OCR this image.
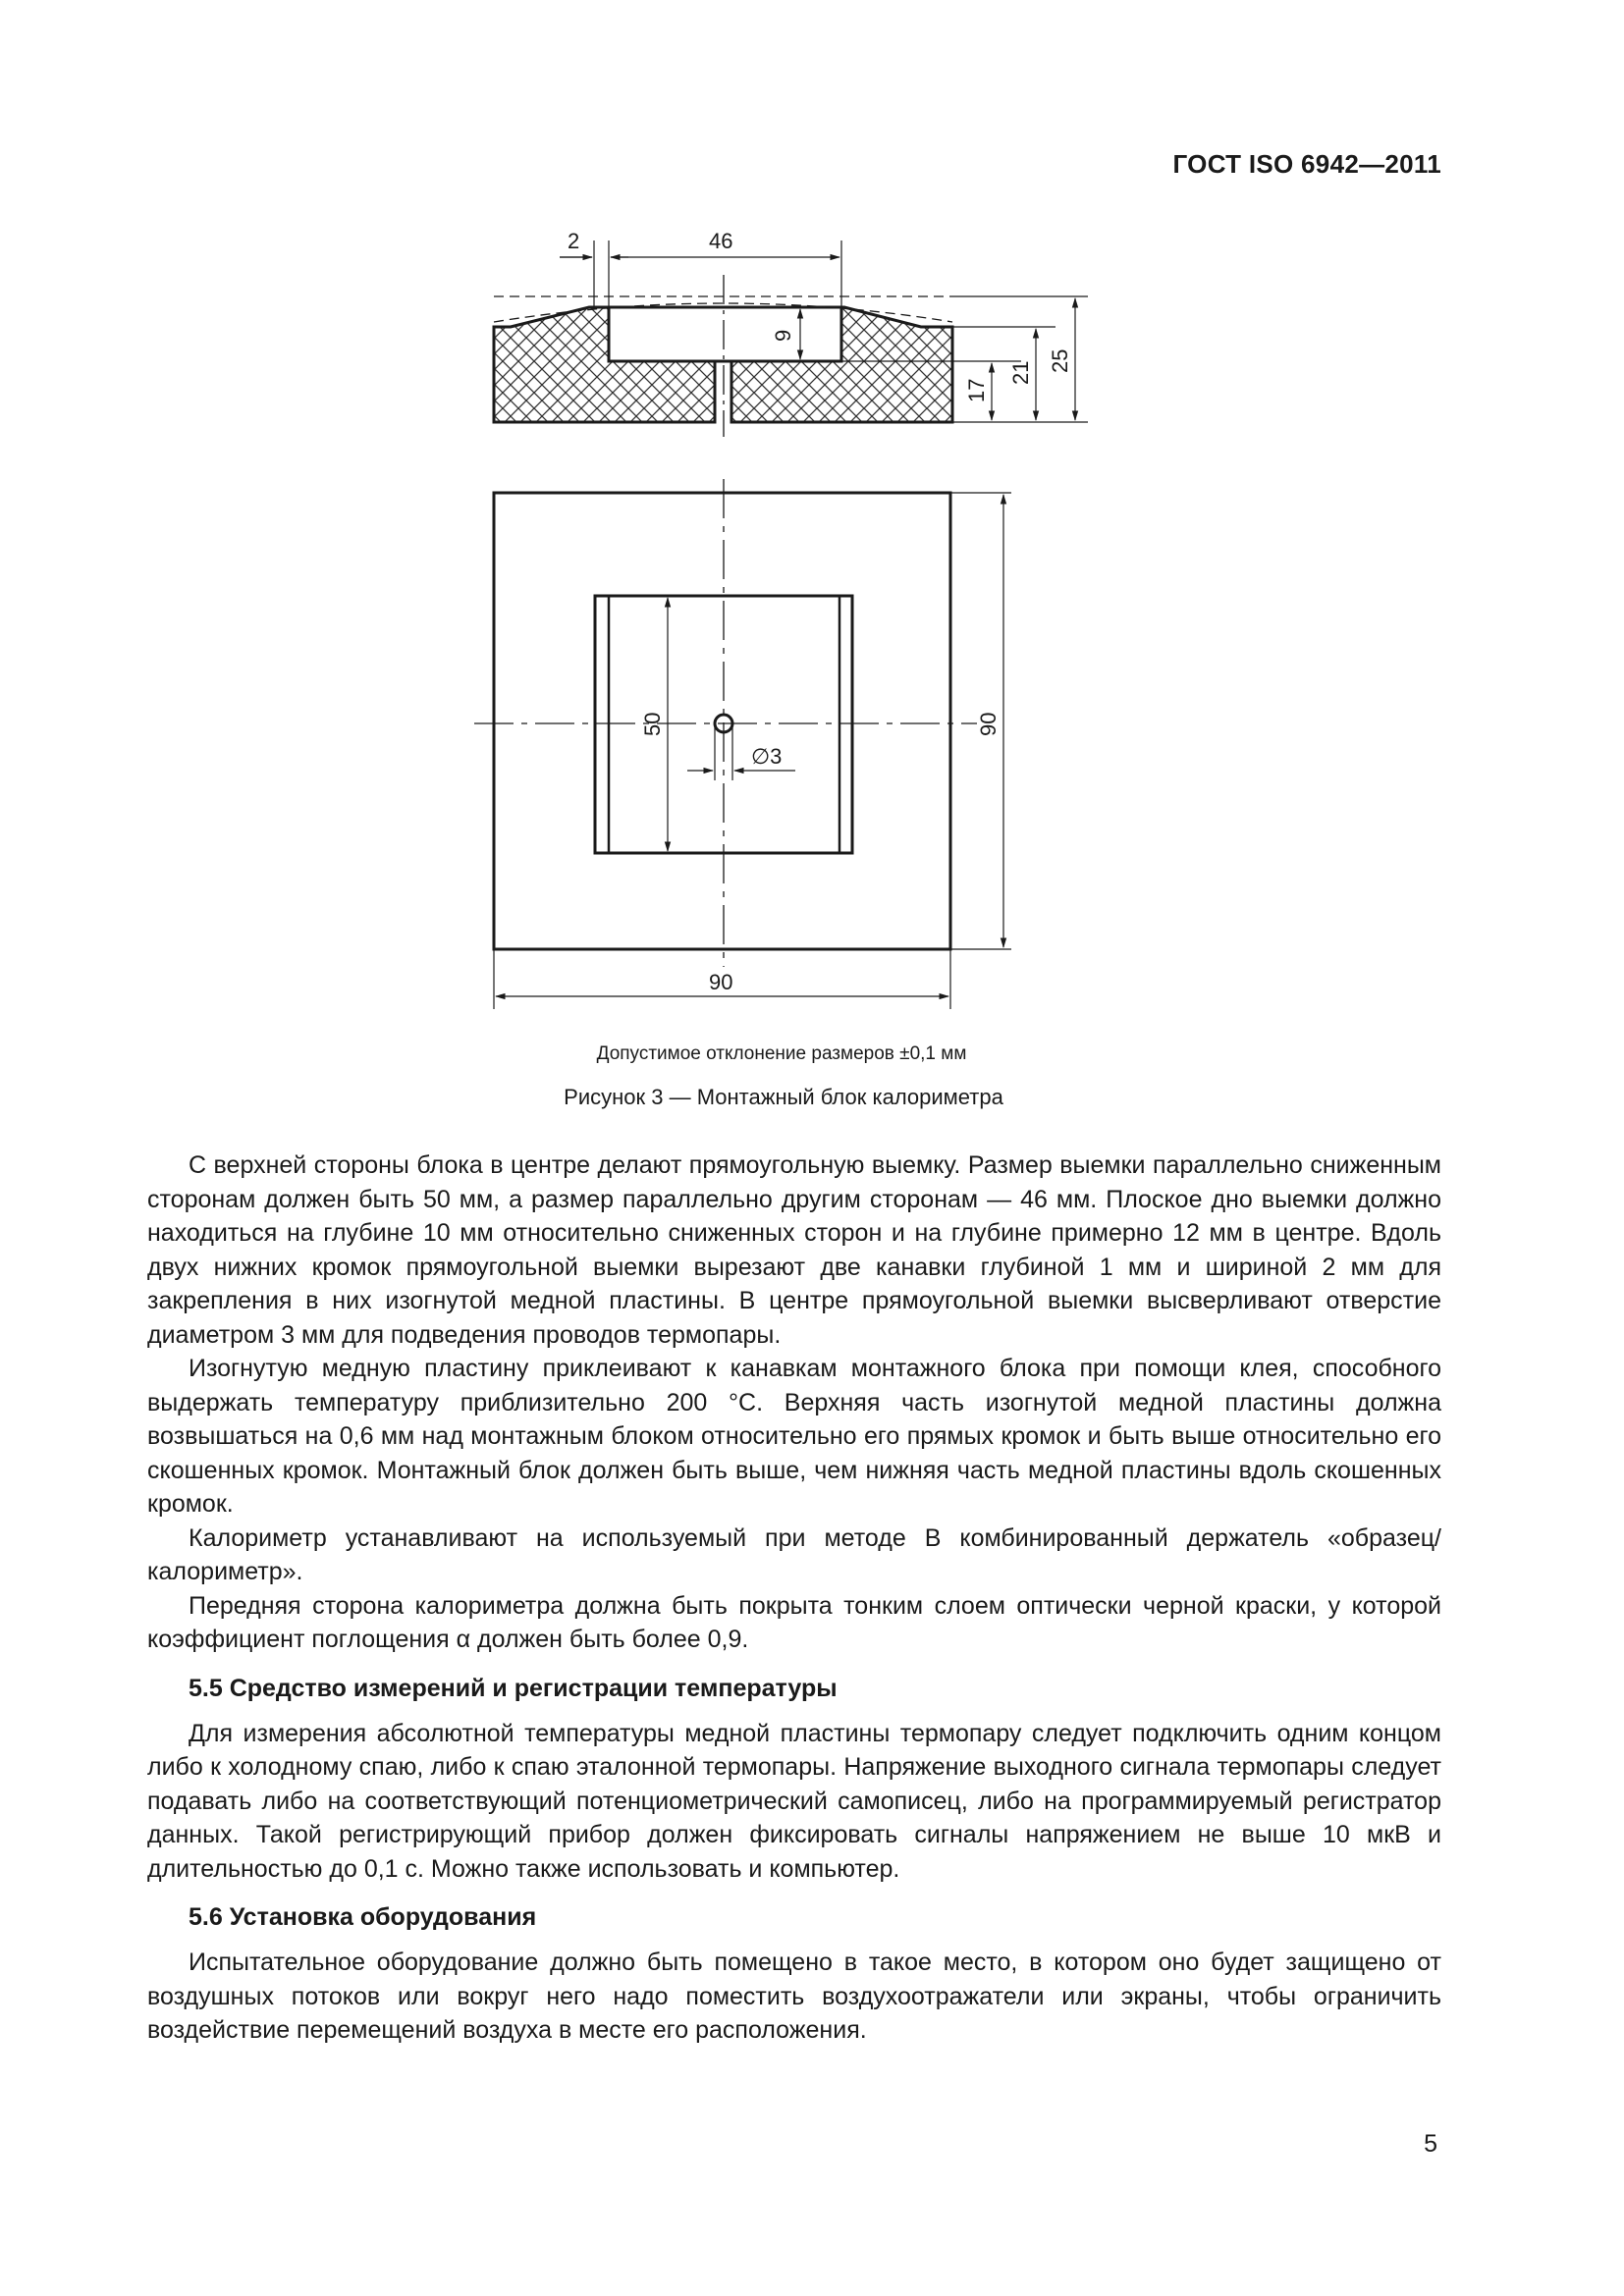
ГОСТ ISO 6942—2011
2	46
9
17
21 25
50	90
90
∅3
Допустимое отклонение размеров ±0,1 мм
Рисунок 3 — Монтажный блок калориметра

С верхней стороны блока в центре делают прямоугольную выемку. Размер выемки параллельно сниженным сторонам должен быть 50 мм, а размер параллельно другим сторонам — 46 мм. Плоское дно выемки должно находиться на глубине 10 мм относительно сниженных сторон и на глубине примерно 12 мм в центре. Вдоль двух нижних кромок прямоугольной выемки вырезают две канавки глубиной 1 мм и шириной 2 мм для закрепления в них изогнутой медной пластины. В центре прямоугольной выемки высверливают отверстие диаметром 3 мм для подведения проводов термопары.

Изогнутую медную пластину приклеивают к канавкам монтажного блока при помощи клея, способного выдержать температуру приблизительно 200 °С. Верхняя часть изогнутой медной пластины должна возвышаться на 0,6 мм над монтажным блоком относительно его прямых кромок и быть выше относительно его скошенных кромок. Монтажный блок должен быть выше, чем нижняя часть медной пластины вдоль скошенных кромок.

Калориметр устанавливают на используемый при методе В комбинированный держатель «образец/калориметр».

Передняя сторона калориметра должна быть покрыта тонким слоем оптически черной краски, у которой коэффициент поглощения α должен быть более 0,9.

5.5 Средство измерений и регистрации температуры

Для измерения абсолютной температуры медной пластины термопару следует подключить одним концом либо к холодному спаю, либо к спаю эталонной термопары. Напряжение выходного сигнала термопары следует подавать либо на соответствующий потенциометрический самописец, либо на программируемый регистратор данных. Такой регистрирующий прибор должен фиксировать сигналы напряжением не выше 10 мкВ и длительностью до 0,1 с. Можно также использовать и компьютер.

5.6 Установка оборудования

Испытательное оборудование должно быть помещено в такое место, в котором оно будет защищено от воздушных потоков или вокруг него надо поместить воздухоотражатели или экраны, чтобы ограничить воздействие перемещений воздуха в месте его расположения.

5
